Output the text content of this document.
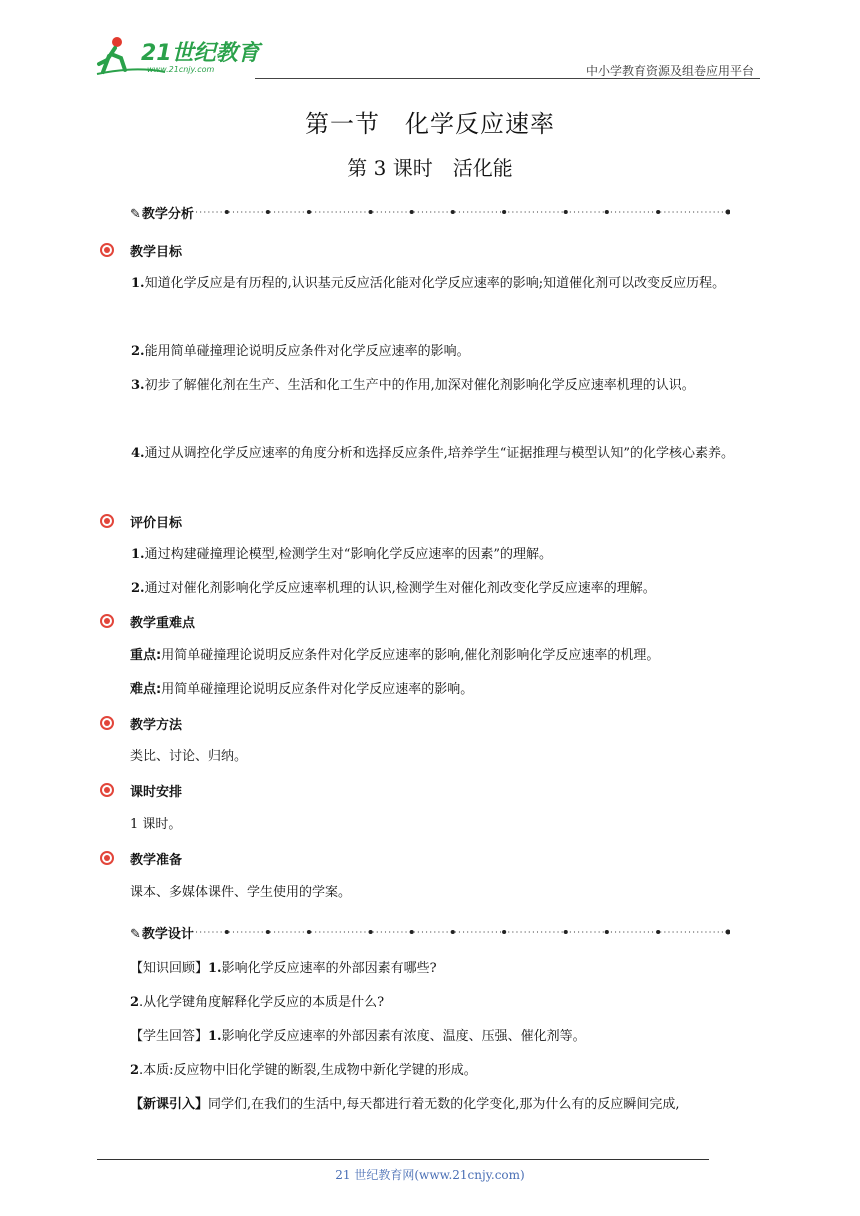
21世纪教育
www.21cnjy.com	中小学教育资源及组卷应用平台
第一节　化学反应速率
第 3 课时　活化能
✎教学分析
教学目标
1.知道化学反应是有历程的,认识基元反应活化能对化学反应速率的影响;知道催化剂可以改变反应历程。
2.能用简单碰撞理论说明反应条件对化学反应速率的影响。
3.初步了解催化剂在生产、生活和化工生产中的作用,加深对催化剂影响化学反应速率机理的认识。
4.通过从调控化学反应速率的角度分析和选择反应条件,培养学生“证据推理与模型认知”的化学核心素养。
评价目标
1.通过构建碰撞理论模型,检测学生对“影响化学反应速率的因素”的理解。
2.通过对催化剂影响化学反应速率机理的认识,检测学生对催化剂改变化学反应速率的理解。
教学重难点
重点:用简单碰撞理论说明反应条件对化学反应速率的影响,催化剂影响化学反应速率的机理。
难点:用简单碰撞理论说明反应条件对化学反应速率的影响。
教学方法
类比、讨论、归纳。
课时安排
1 课时。
教学准备
课本、多媒体课件、学生使用的学案。
✎教学设计
【知识回顾】1.影响化学反应速率的外部因素有哪些?
2.从化学键角度解释化学反应的本质是什么?
【学生回答】1.影响化学反应速率的外部因素有浓度、温度、压强、催化剂等。
2.本质:反应物中旧化学键的断裂,生成物中新化学键的形成。
【新课引入】同学们,在我们的生活中,每天都进行着无数的化学变化,那为什么有的反应瞬间完成,
21 世纪教育网(www.21cnjy.com)
